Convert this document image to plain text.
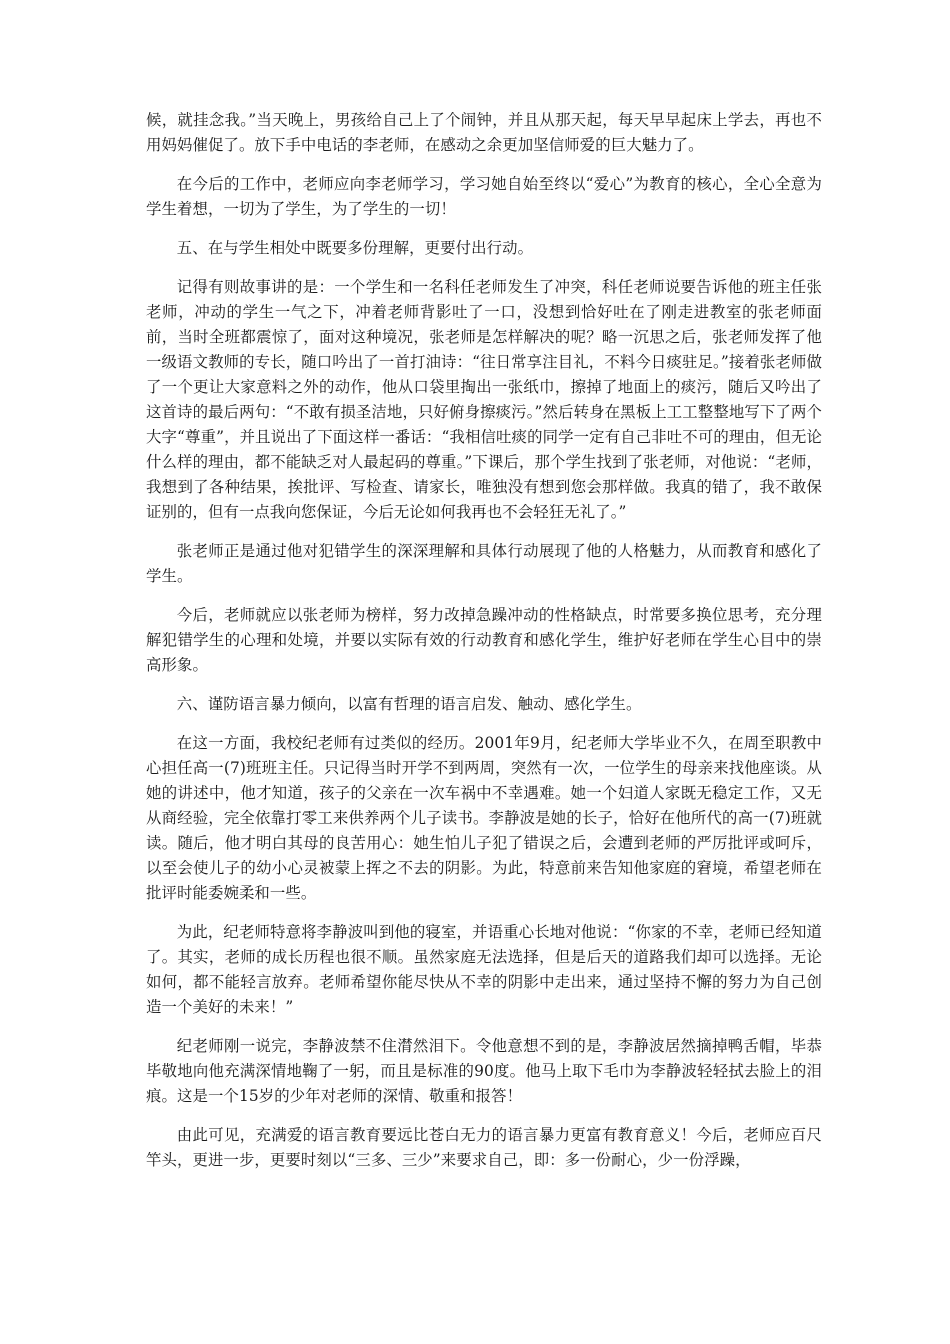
候，就挂念我。”当天晚上，男孩给自己上了个闹钟，并且从那天起，每天早早起床上学去，再也不用妈妈催促了。放下手中电话的李老师，在感动之余更加坚信师爱的巨大魅力了。

在今后的工作中，老师应向李老师学习，学习她自始至终以“爱心”为教育的核心，全心全意为学生着想，一切为了学生，为了学生的一切！

五、在与学生相处中既要多份理解，更要付出行动。

记得有则故事讲的是：一个学生和一名科任老师发生了冲突，科任老师说要告诉他的班主任张老师，冲动的学生一气之下，冲着老师背影吐了一口，没想到恰好吐在了刚走进教室的张老师面前，当时全班都震惊了，面对这种境况，张老师是怎样解决的呢？略一沉思之后，张老师发挥了他一级语文教师的专长，随口吟出了一首打油诗：“往日常享注目礼，不料今日痰驻足。”接着张老师做了一个更让大家意料之外的动作，他从口袋里掏出一张纸巾，擦掉了地面上的痰污，随后又吟出了这首诗的最后两句：“不敢有损圣洁地，只好俯身擦痰污。”然后转身在黑板上工工整整地写下了两个大字“尊重”，并且说出了下面这样一番话：“我相信吐痰的同学一定有自己非吐不可的理由，但无论什么样的理由，都不能缺乏对人最起码的尊重。”下课后，那个学生找到了张老师，对他说：“老师，我想到了各种结果，挨批评、写检查、请家长，唯独没有想到您会那样做。我真的错了，我不敢保证别的，但有一点我向您保证，今后无论如何我再也不会轻狂无礼了。”

张老师正是通过他对犯错学生的深深理解和具体行动展现了他的人格魅力，从而教育和感化了学生。

今后，老师就应以张老师为榜样，努力改掉急躁冲动的性格缺点，时常要多换位思考，充分理解犯错学生的心理和处境，并要以实际有效的行动教育和感化学生，维护好老师在学生心目中的崇高形象。

六、谨防语言暴力倾向，以富有哲理的语言启发、触动、感化学生。

在这一方面，我校纪老师有过类似的经历。2001年9月，纪老师大学毕业不久，在周至职教中心担任高一(7)班班主任。只记得当时开学不到两周，突然有一次，一位学生的母亲来找他座谈。从她的讲述中，他才知道，孩子的父亲在一次车祸中不幸遇难。她一个妇道人家既无稳定工作，又无从商经验，完全依靠打零工来供养两个儿子读书。李静波是她的长子，恰好在他所代的高一(7)班就读。随后，他才明白其母的良苦用心：她生怕儿子犯了错误之后，会遭到老师的严厉批评或呵斥，以至会使儿子的幼小心灵被蒙上挥之不去的阴影。为此，特意前来告知他家庭的窘境，希望老师在批评时能委婉柔和一些。

为此，纪老师特意将李静波叫到他的寝室，并语重心长地对他说：“你家的不幸，老师已经知道了。其实，老师的成长历程也很不顺。虽然家庭无法选择，但是后天的道路我们却可以选择。无论如何，都不能轻言放弃。老师希望你能尽快从不幸的阴影中走出来，通过坚持不懈的努力为自己创造一个美好的未来！”

纪老师刚一说完，李静波禁不住潸然泪下。令他意想不到的是，李静波居然摘掉鸭舌帽，毕恭毕敬地向他充满深情地鞠了一躬，而且是标准的90度。他马上取下毛巾为李静波轻轻拭去脸上的泪痕。这是一个15岁的少年对老师的深情、敬重和报答！

由此可见，充满爱的语言教育要远比苍白无力的语言暴力更富有教育意义！今后，老师应百尺竿头，更进一步，更要时刻以“三多、三少”来要求自己，即：多一份耐心，少一份浮躁，
